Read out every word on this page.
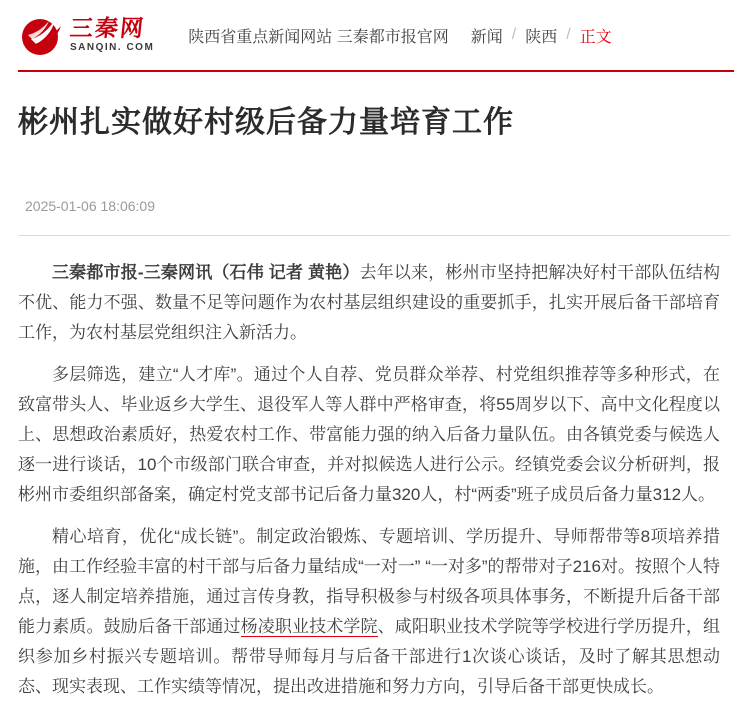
三秦网
SANQIN. COM
陕西省重点新闻网站 三秦都市报官网 新闻 / 陕西 / 正文
彬州扎实做好村级后备力量培育工作
2025-01-06 18:06:09

三秦都市报-三秦网讯（石伟 记者 黄艳）去年以来，彬州市坚持把解决好村干部队伍结构不优、能力不强、数量不足等问题作为农村基层组织建设的重要抓手，扎实开展后备干部培育工作，为农村基层党组织注入新活力。

多层筛选，建立“人才库”。通过个人自荐、党员群众举荐、村党组织推荐等多种形式，在致富带头人、毕业返乡大学生、退役军人等人群中严格审查，将55周岁以下、高中文化程度以上、思想政治素质好，热爱农村工作、带富能力强的纳入后备力量队伍。由各镇党委与候选人逐一进行谈话，10个市级部门联合审查，并对拟候选人进行公示。经镇党委会议分析研判，报彬州市委组织部备案，确定村党支部书记后备力量320人，村“两委”班子成员后备力量312人。

精心培育，优化“成长链”。制定政治锻炼、专题培训、学历提升、导师帮带等8项培养措施，由工作经验丰富的村干部与后备力量结成“一对一” “一对多”的帮带对子216对。按照个人特点，逐人制定培养措施，通过言传身教，指导积极参与村级各项具体事务，不断提升后备干部能力素质。鼓励后备干部通过杨凌职业技术学院、咸阳职业技术学院等学校进行学历提升，组织参加乡村振兴专题培训。帮带导师每月与后备干部进行1次谈心谈话，及时了解其思想动态、现实表现、工作实绩等情况，提出改进措施和努力方向，引导后备干部更快成长。
